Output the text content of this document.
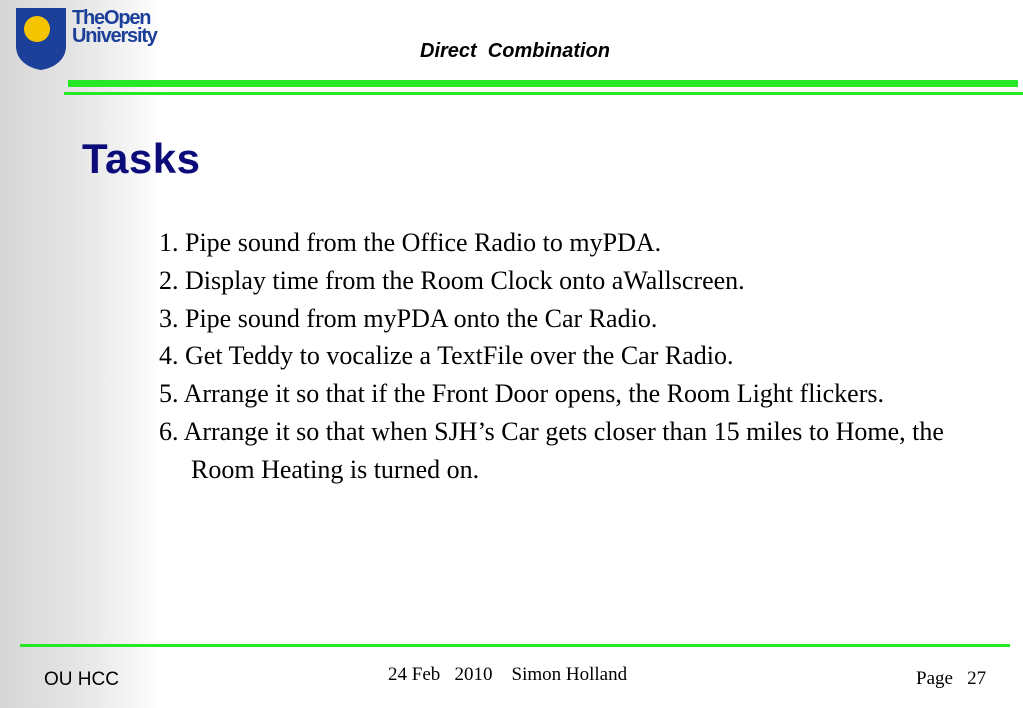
TheOpen
University
Direct  Combination
Tasks
1. Pipe sound from the Office Radio to myPDA.
2. Display time from the Room Clock onto aWallscreen.
3. Pipe sound from myPDA onto the Car Radio.
4. Get Teddy to vocalize a TextFile over the Car Radio.
5. Arrange it so that if the Front Door opens, the Room Light flickers.
6. Arrange it so that when SJH’s Car gets closer than 15 miles to Home, the Room Heating is turned on.
OU HCC	24 Feb   2010    Simon Holland	Page   27
